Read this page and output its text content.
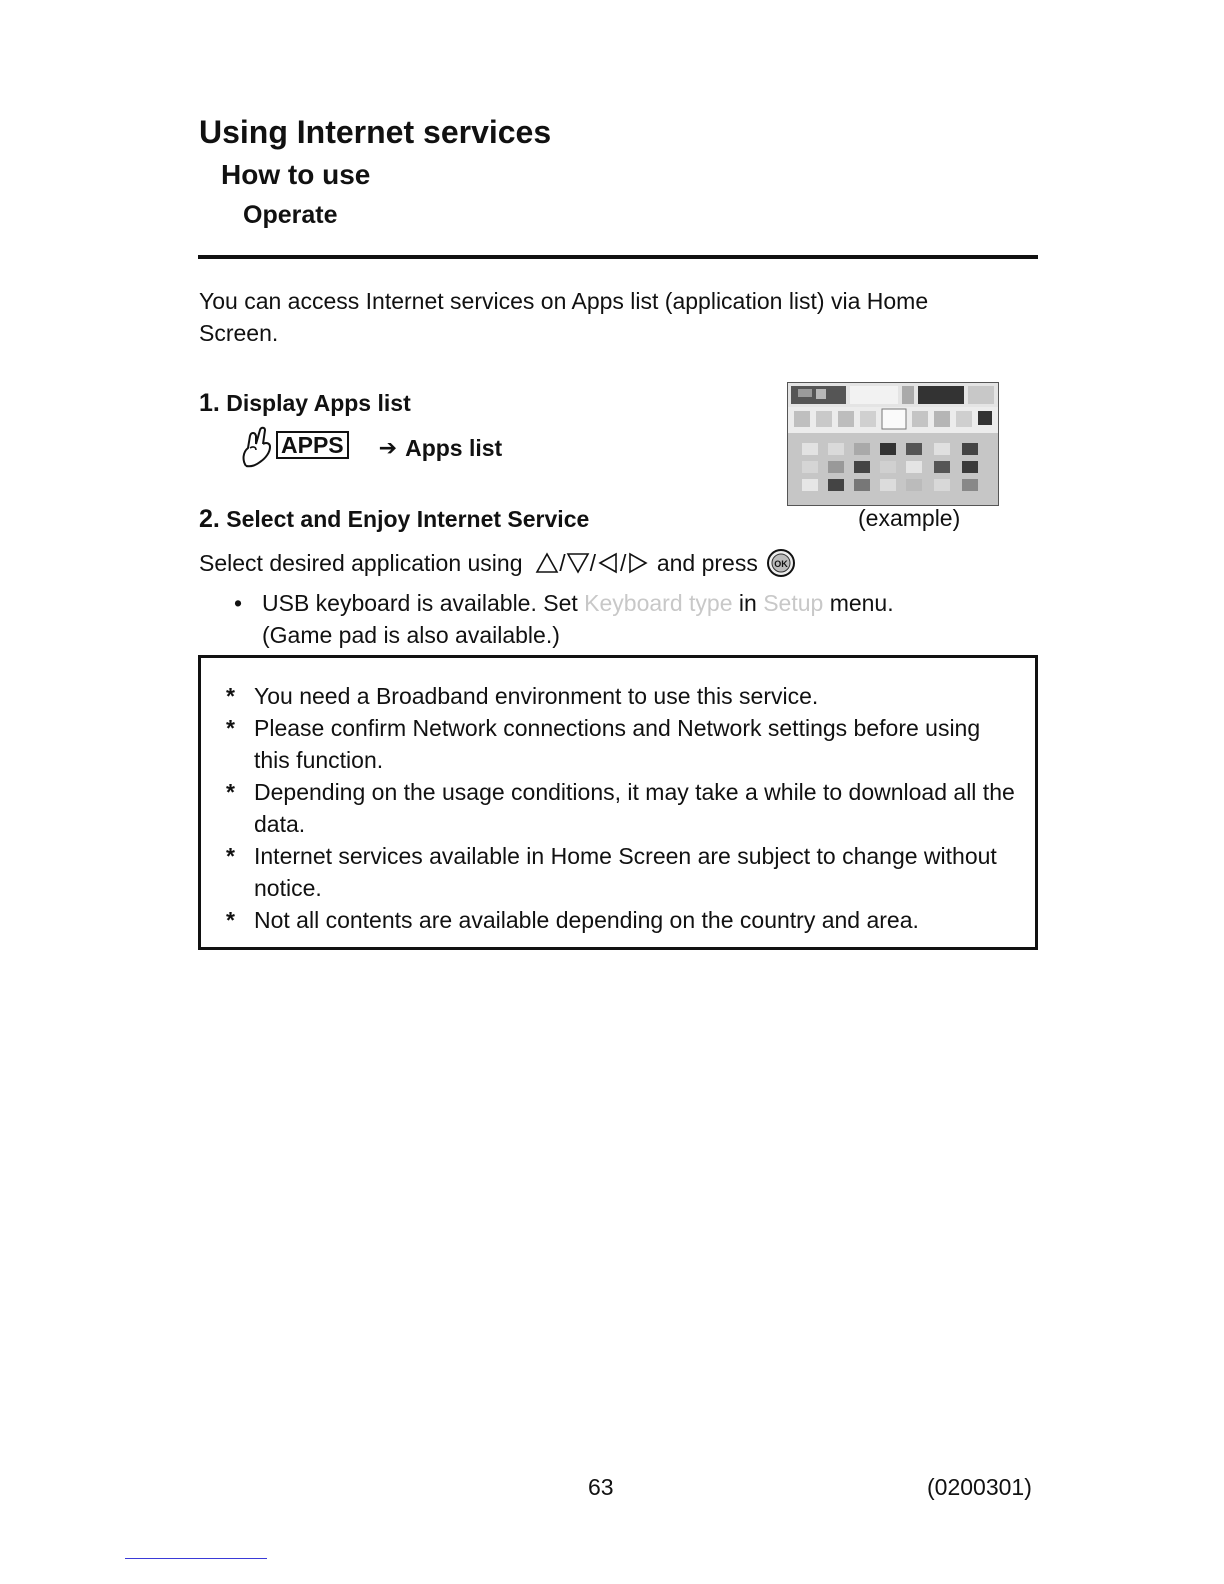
Using Internet services
How to use
Operate
You can access Internet services on Apps list (application list) via Home Screen.
1. Display Apps list
APPS ➔ Apps list
(example)
2. Select and Enjoy Internet Service
Select desired application using
/ / /
and press OK
• USB keyboard is available. Set Keyboard type in Setup menu.
(Game pad is also available.)
* You need a Broadband environment to use this service.
* Please confirm Network connections and Network settings before using this function.
* Depending on the usage conditions, it may take a while to download all the data.
* Internet services available in Home Screen are subject to change without notice.
* Not all contents are available depending on the country and area.
63	(0200301)
